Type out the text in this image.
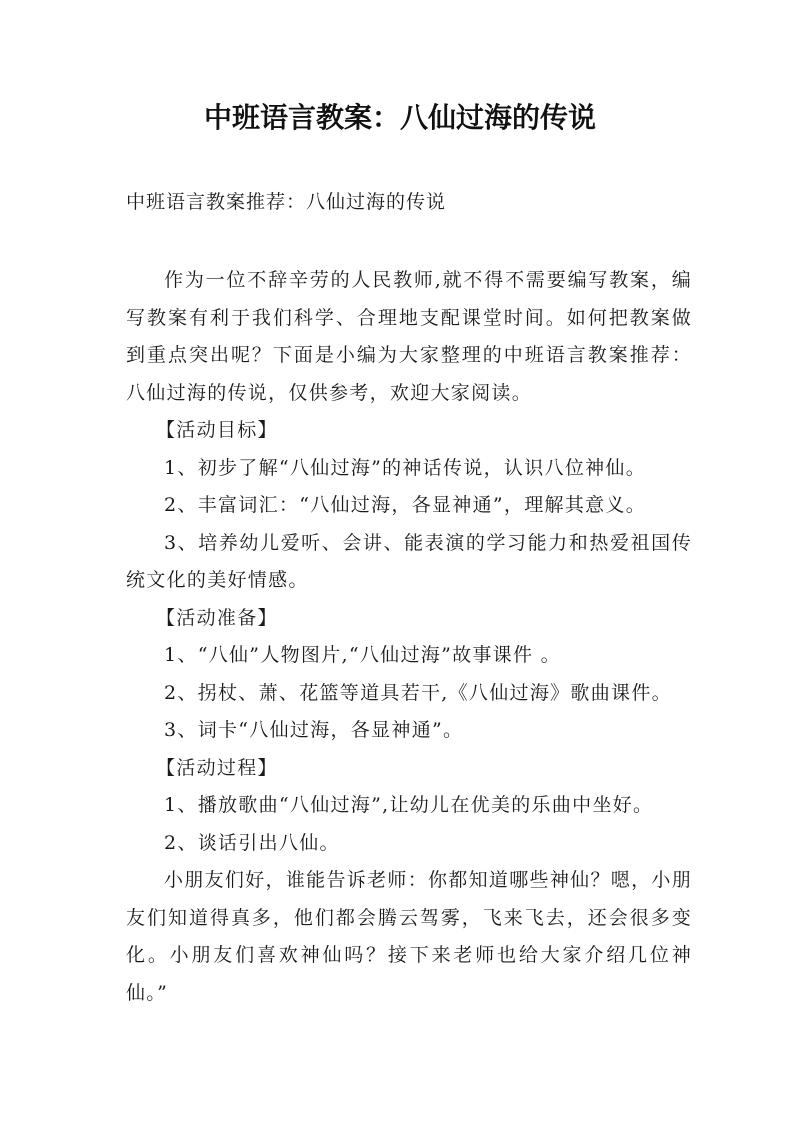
中班语言教案：八仙过海的传说
中班语言教案推荐：八仙过海的传说

作为一位不辞辛劳的人民教师,就不得不需要编写教案，编写教案有利于我们科学、合理地支配课堂时间。如何把教案做到重点突出呢？下面是小编为大家整理的中班语言教案推荐：八仙过海的传说，仅供参考，欢迎大家阅读。

【活动目标】

1、初步了解“八仙过海”的神话传说，认识八位神仙。

2、丰富词汇：“八仙过海，各显神通”，理解其意义。

3、培养幼儿爱听、会讲、能表演的学习能力和热爱祖国传统文化的美好情感。

【活动准备】

1、“八仙”人物图片,“八仙过海”故事课件 。

2、拐杖、萧、花篮等道具若干,《八仙过海》歌曲课件。

3、词卡“八仙过海，各显神通”。

【活动过程】

1、播放歌曲“八仙过海”,让幼儿在优美的乐曲中坐好。

2、谈话引出八仙。

小朋友们好，谁能告诉老师：你都知道哪些神仙？嗯，小朋友们知道得真多，他们都会腾云驾雾，飞来飞去，还会很多变化。小朋友们喜欢神仙吗？接下来老师也给大家介绍几位神仙。”
